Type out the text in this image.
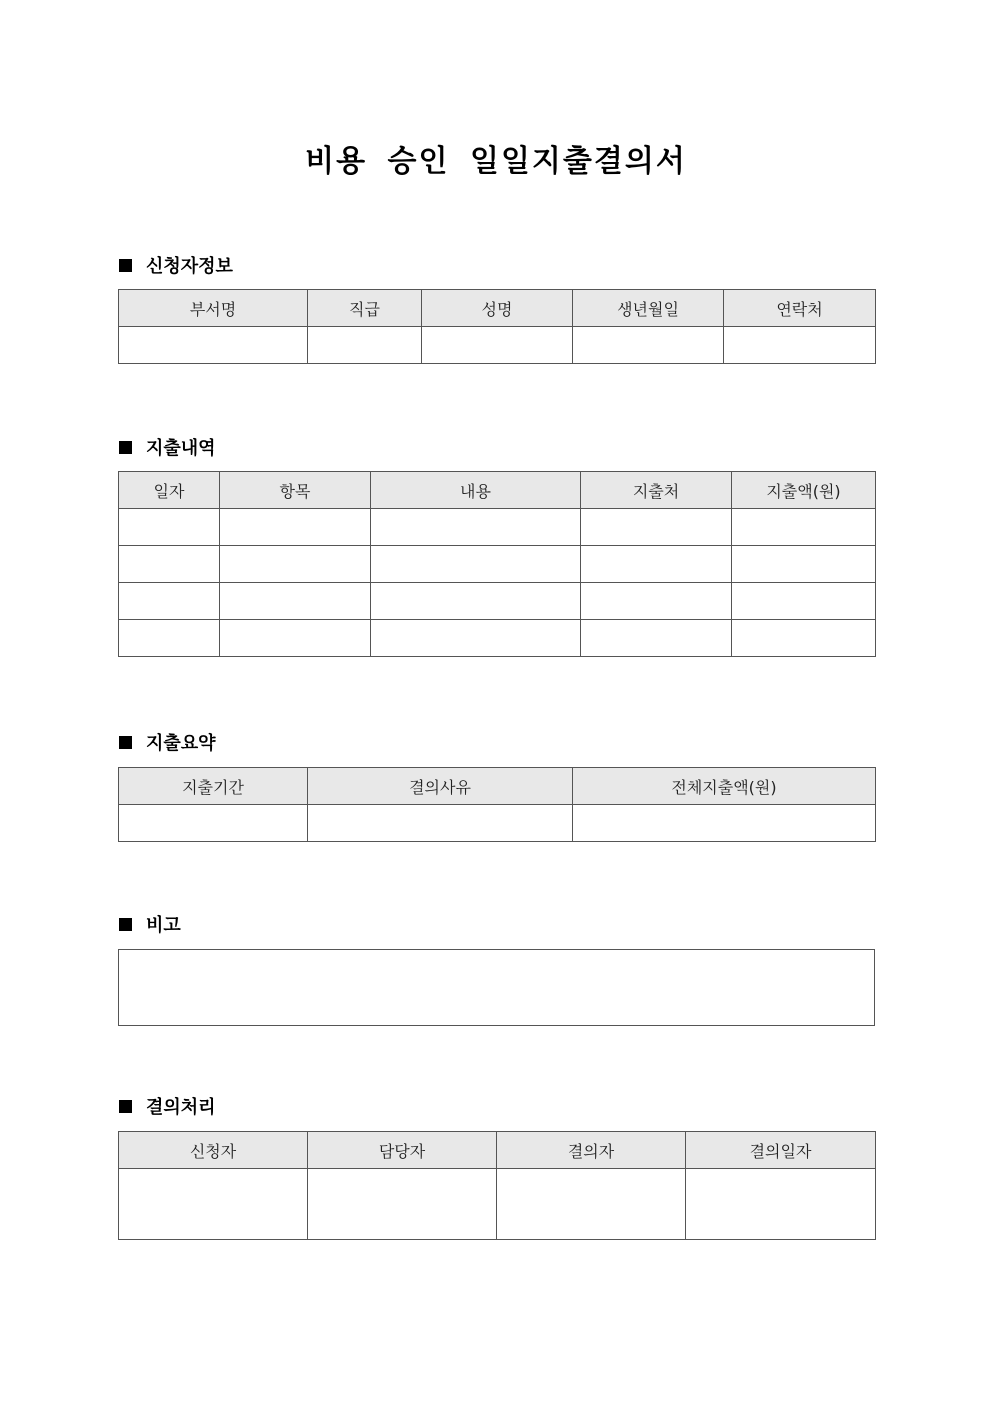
비용 승인 일일지출결의서
신청자정보
부서명	직급	성명	생년월일	연락처

지출내역
일자	항목	내용	지출처	지출액(원)

지출요약
지출기간	결의사유	전체지출액(원)

비고
결의처리
신청자	담당자	결의자	결의일자
